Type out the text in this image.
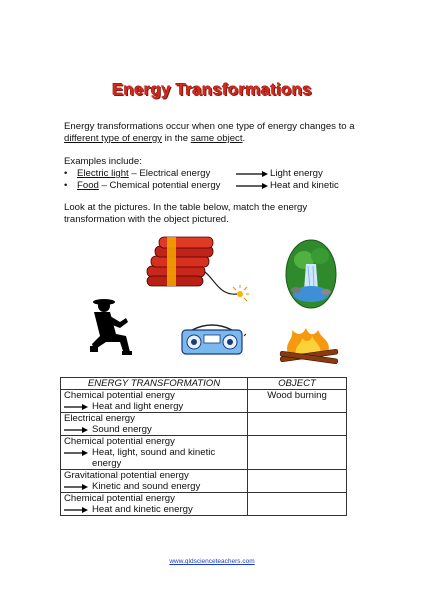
Energy Transformations
Energy transformations occur when one type of energy changes to a different type of energy in the same object.
Examples include:
• Electric light – Electrical energy	Light energy
• Food – Chemical potential energy	Heat and kinetic
Look at the pictures. In the table below, match the energy transformation with the object pictured.
ENERGY TRANSFORMATION	OBJECT

Chemical potential energy
Heat and light energy	Wood burning

Electrical energy
Sound energy	

Chemical potential energy
Heat, light, sound and kinetic energy	

Gravitational potential energy
Kinetic and sound energy	

Chemical potential energy
Heat and kinetic energy	

www.qldscienceteachers.com
